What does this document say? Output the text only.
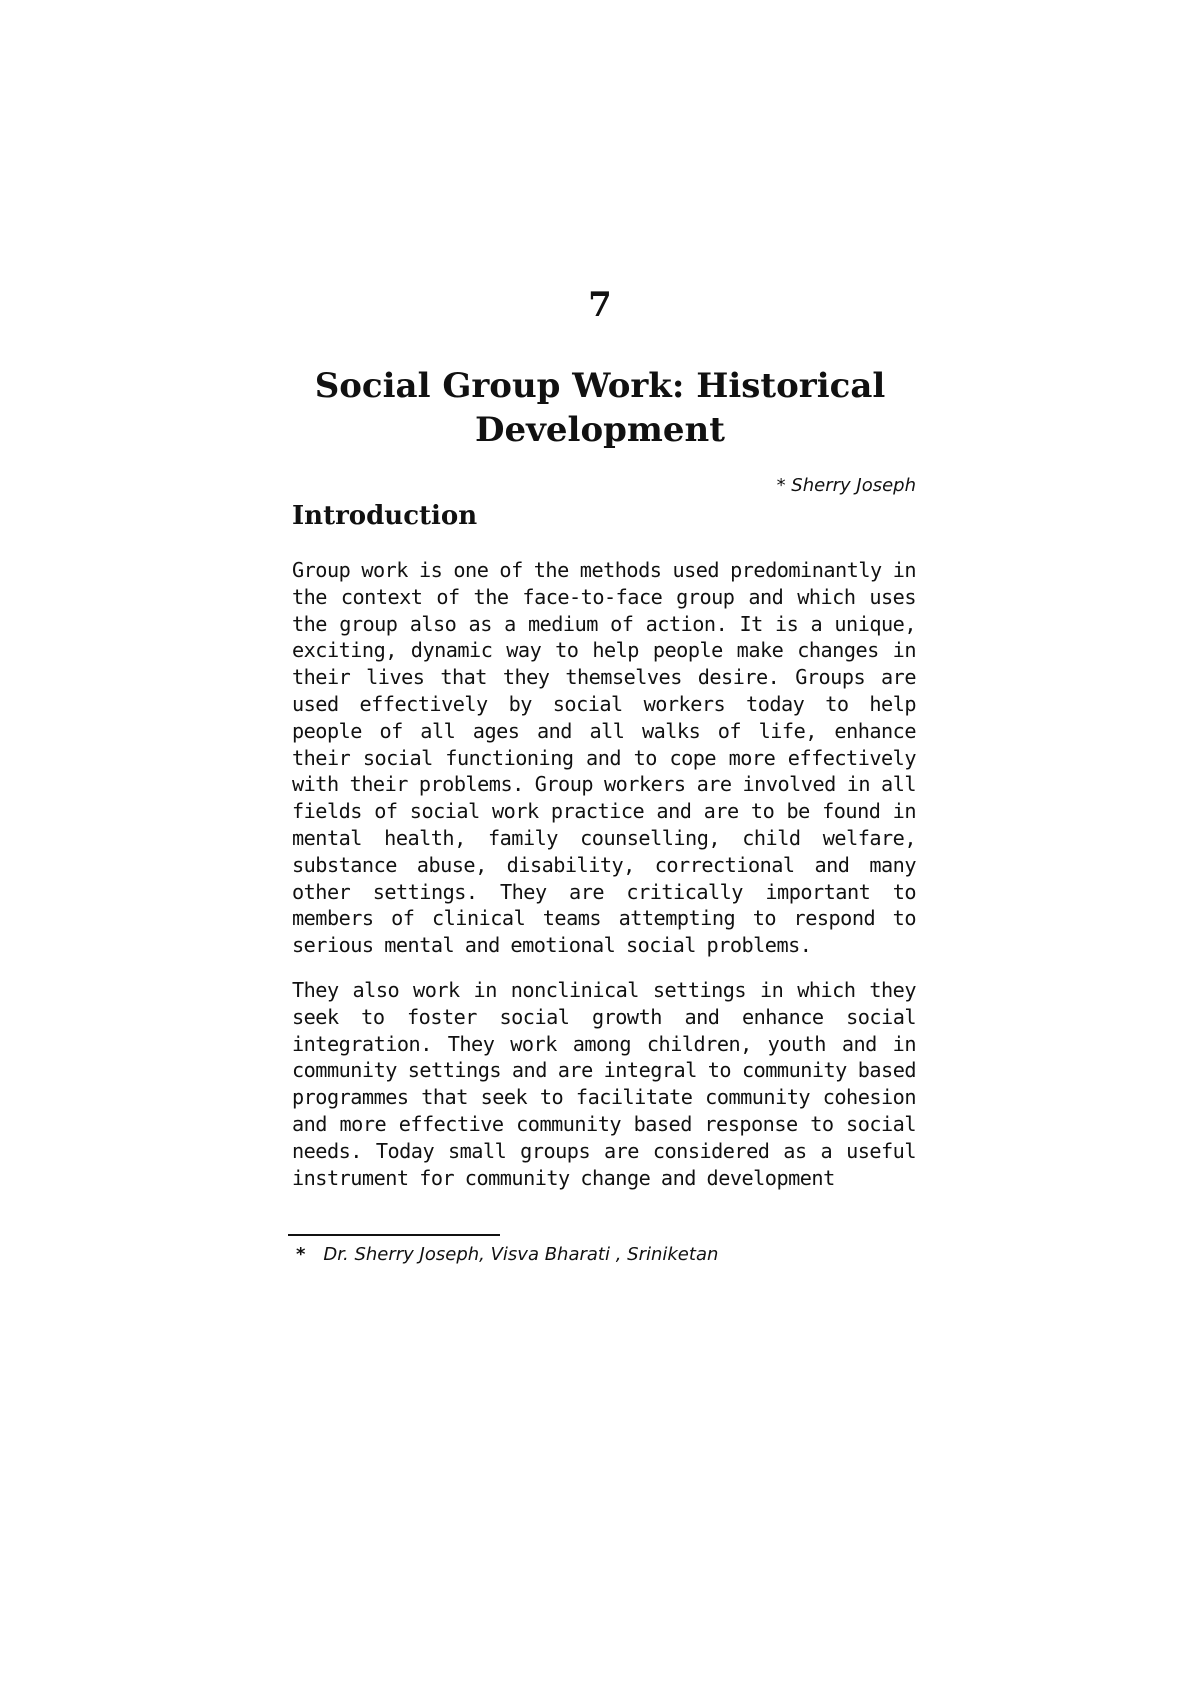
7
Social Group Work: Historical Development
* Sherry Joseph
Introduction

Group work is one of the methods used predominantly in the context of the face-to-face group and which uses the group also as a medium of action. It is a unique, exciting, dynamic way to help people make changes in their lives that they themselves desire. Groups are used effectively by social workers today to help people of all ages and all walks of life, enhance their social functioning and to cope more effectively with their problems. Group workers are involved in all fields of social work practice and are to be found in mental health, family counselling, child welfare, substance abuse, disability, correctional and many other settings. They are critically important to members of clinical teams attempting to respond to serious mental and emotional social problems.

They also work in nonclinical settings in which they seek to foster social growth and enhance social integration. They work among children, youth and in community settings and are integral to community based programmes that seek to facilitate community cohesion and more effective community based response to social needs. Today small groups are considered as a useful instrument for community change and development

* Dr. Sherry Joseph, Visva Bharati , Sriniketan
